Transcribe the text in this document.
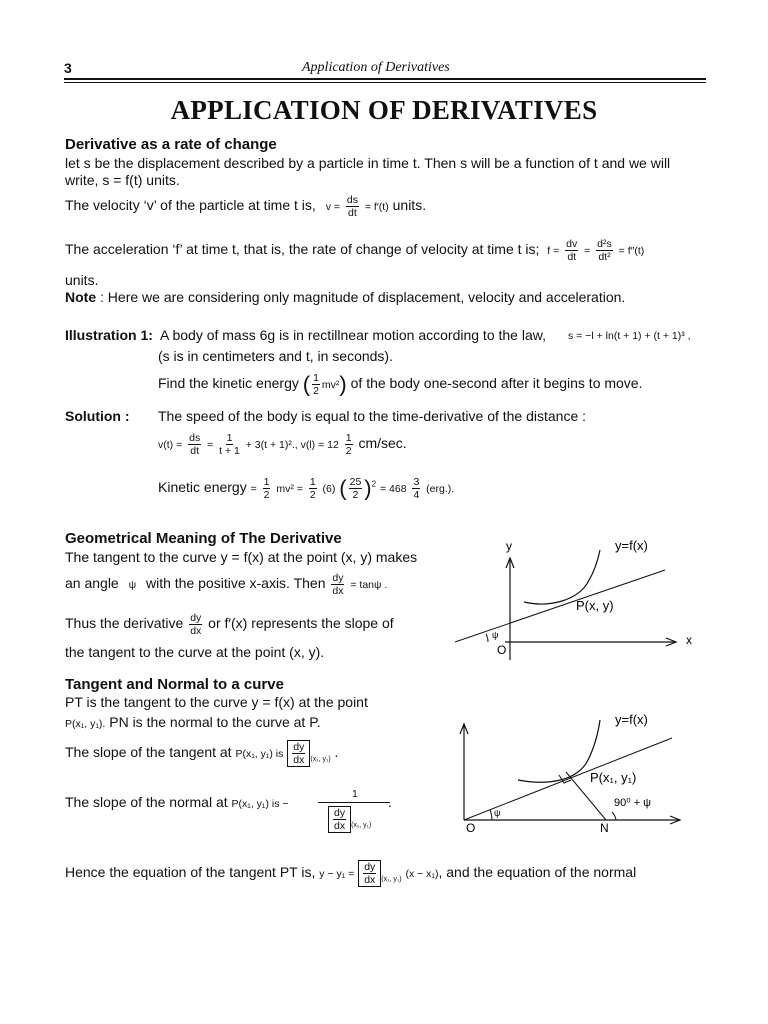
3	Application of Derivatives
APPLICATION OF DERIVATIVES
Derivative as a rate of change
let s be the displacement described by a particle in time t. Then s will be a function of t and we will
write, s = f(t) units.
The velocity ‘v’ of the particle at time t is, $v = \frac{ds}{dt} = f'(t)$ units.
The acceleration ‘f’ at time t, that is, the rate of change of velocity at time t is; $f = \frac{dv}{dt} = \frac{\text{d²s}}{\text{dt²}} = f''(t)$
units.
Note : Here we are considering only magnitude of displacement, velocity and acceleration.
Illustration 1: A body of mass 6g is in rectillnear motion according to the law, s = −l + ln(t + 1) + (t + 1)³ ,
(s is in centimeters and t, in seconds).
Find the kinetic energy ( $\frac{1}{2} mv^2$) of the body one-second after it begins to move.
Solution : The speed of the body is equal to the time-derivative of the distance :
$v(t) = \frac{ds}{dt} = \frac{1}{t + 1} + 3(t + 1)^2$., $v(l) = 12 \frac{1}{2} cm/\sec$.
Kinetic energy = $\frac{1}{2} mv^2 = \frac{1}{2} (6)$ ( $\frac{25}{2} )^2 = 468 \frac{3}{4} (erg.)$.
Geometrical Meaning of The Derivative
The tangent to the curve y = f(x) at the point (x, y) makes
an angle ψ with the positive x-axis. Then $\frac{dy}{dx} = \tan\psi$ .
Thus the derivative $\frac{dy}{dx}$ or f′(x) represents the slope of
the tangent to the curve at the point (x, y).
y	y=f(x)
P(x, y)
x
O
ψ
Tangent and Normal to a curve
PT is the tangent to the curve y = f(x) at the point
P(x₁, y₁). PN is the normal to the curve at P.
The slope of the tangent at P(x₁, y₁) is $\frac{dy}{dx} _{(x_1, y_1)}$ .
The slope of the normal at P(x₁, y₁) is −
1 .
$\frac{dy}{dx} _{(x_1, y_1)}$
Hence the equation of the tangent PT is, $y - y_1 = \frac{dy}{dx} _{(x_1, y_1)}$ (x − x₁), and the equation of the normal
y=f(x)
P(x₁, y₁)
90⁰ + ψ
O	N
ψ
